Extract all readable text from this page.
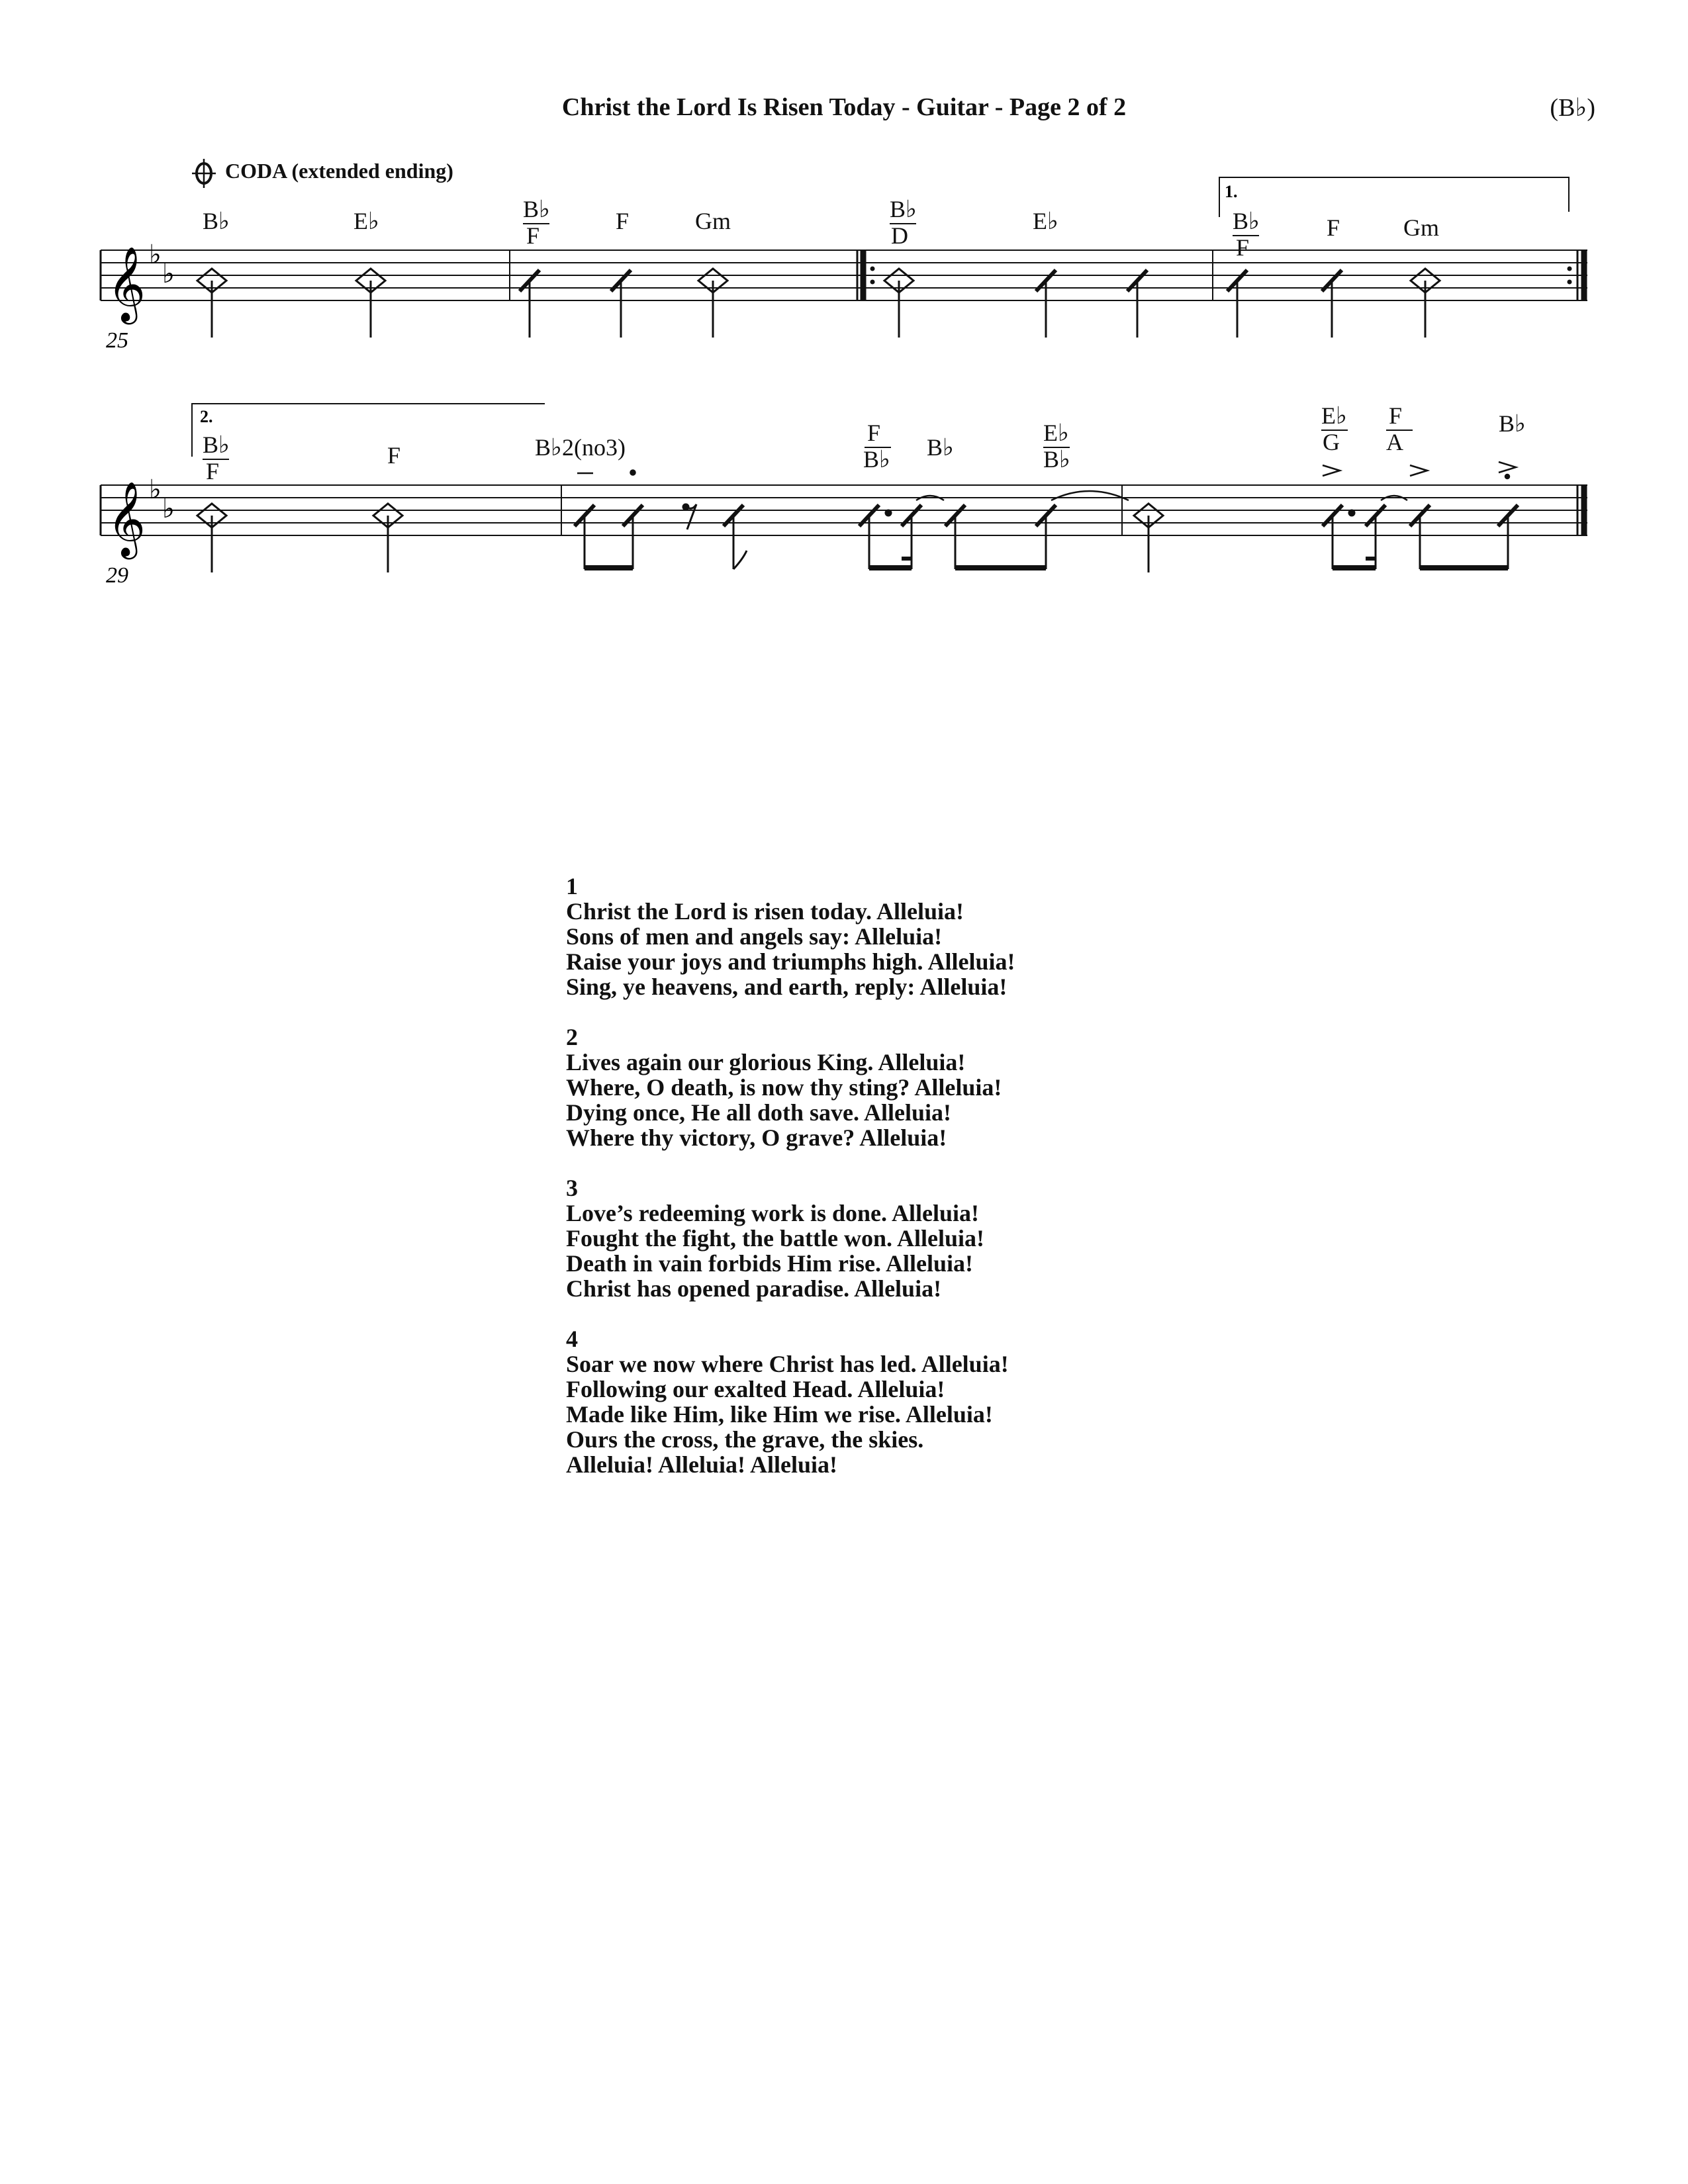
Christ the Lord Is Risen Today - Guitar - Page 2 of 2	(B♭)
CODA (extended ending)
𝄞 ♭
♭
25
1.
B♭	E♭	B♭
F
F	Gm	B♭
D
E♭	B♭
F
F	Gm
𝄞 ♭
♭
29
2.
B♭
F
F	B♭2(no3)
F
B♭ B♭
E♭
B♭
E♭
G
F
A
B♭
1
Christ the Lord is risen today. Alleluia!
Sons of men and angels say: Alleluia!
Raise your joys and triumphs high. Alleluia!
Sing, ye heavens, and earth, reply: Alleluia!
2
Lives again our glorious King. Alleluia!
Where, O death, is now thy sting? Alleluia!
Dying once, He all doth save. Alleluia!
Where thy victory, O grave? Alleluia!
3
Love’s redeeming work is done. Alleluia!
Fought the fight, the battle won. Alleluia!
Death in vain forbids Him rise. Alleluia!
Christ has opened paradise. Alleluia!
4
Soar we now where Christ has led. Alleluia!
Following our exalted Head. Alleluia!
Made like Him, like Him we rise. Alleluia!
Ours the cross, the grave, the skies.
Alleluia! Alleluia! Alleluia!
